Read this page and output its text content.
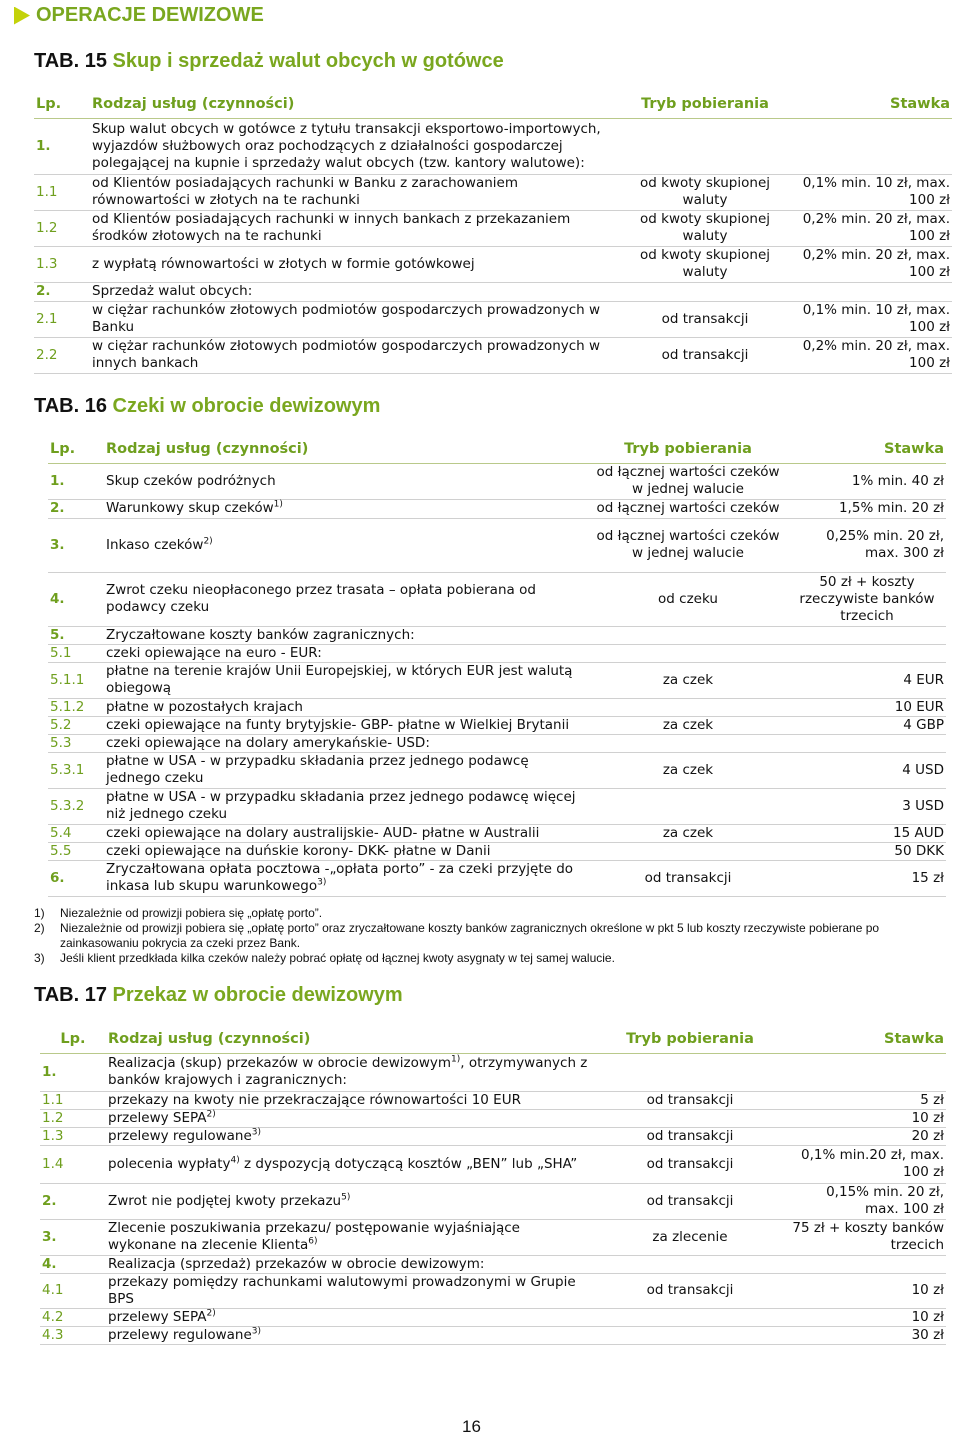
OPERACJE DEWIZOWE
TAB. 15 Skup i sprzedaż walut obcych w gotówce
Lp.	Rodzaj usług (czynności)	Tryb pobierania	Stawka
1.	Skup walut obcych w gotówce z tytułu transakcji eksportowo-importowych, wyjazdów służbowych oraz pochodzących z działalności gospodarczej polegającej na kupnie i sprzedaży walut obcych (tzw. kantory walutowe):		
1.1	od Klientów posiadających rachunki w Banku z zarachowaniem równowartości w złotych na te rachunki	od kwoty skupionej waluty	0,1% min. 10 zł, max. 100 zł
1.2	od Klientów posiadających rachunki w innych bankach z przekazaniem środków złotowych na te rachunki	od kwoty skupionej waluty	0,2% min. 20 zł, max. 100 zł
1.3	z wypłatą równowartości w złotych w formie gotówkowej	od kwoty skupionej waluty	0,2% min. 20 zł, max. 100 zł
2.	Sprzedaż walut obcych:		
2.1	w ciężar rachunków złotowych podmiotów gospodarczych prowadzonych w Banku	od transakcji	0,1% min. 10 zł, max. 100 zł
2.2	w ciężar rachunków złotowych podmiotów gospodarczych prowadzonych w innych bankach	od transakcji	0,2% min. 20 zł, max. 100 zł
TAB. 16 Czeki w obrocie dewizowym
Lp.	Rodzaj usług (czynności)	Tryb pobierania	Stawka
1.	Skup czeków podróżnych	od łącznej wartości czeków w jednej walucie	1% min. 40 zł
2.	Warunkowy skup czeków$^{1)}$	od łącznej wartości czeków	1,5% min. 20 zł
3.	Inkaso czeków$^{2)}$	od łącznej wartości czeków w jednej walucie	0,25% min. 20 zł, max. 300 zł
4.	Zwrot czeku nieopłaconego przez trasata – opłata pobierana od podawcy czeku	od czeku	50 zł + koszty rzeczywiste banków trzecich
5.	Zryczałtowane koszty banków zagranicznych:		
5.1	czeki opiewające na euro - EUR:		
5.1.1	płatne na terenie krajów Unii Europejskiej, w których EUR jest walutą obiegową	za czek	4 EUR
5.1.2	płatne w pozostałych krajach		10 EUR
5.2	czeki opiewające na funty brytyjskie- GBP- płatne w Wielkiej Brytanii	za czek	4 GBP
5.3	czeki opiewające na dolary amerykańskie- USD:		
5.3.1	płatne w USA - w przypadku składania przez jednego podawcę jednego czeku	za czek	4 USD
5.3.2	płatne w USA - w przypadku składania przez jednego podawcę więcej niż jednego czeku		3 USD
5.4	czeki opiewające na dolary australijskie- AUD- płatne w Australii	za czek	15 AUD
5.5	czeki opiewające na duńskie korony- DKK- płatne w Danii		50 DKK
6.	Zryczałtowana opłata pocztowa -„opłata porto” - za czeki przyjęte do inkasa lub skupu warunkowego$^{3)}$	od transakcji	15 zł
1)	Niezależnie od prowizji pobiera się „opłatę porto”.
2)	Niezależnie od prowizji pobiera się „opłatę porto” oraz zryczałtowane koszty banków zagranicznych określone w pkt 5 lub koszty rzeczywiste pobierane po zainkasowaniu pokrycia za czeki przez Bank.
3)	Jeśli klient przedkłada kilka czeków należy pobrać opłatę od łącznej kwoty asygnaty w tej samej walucie.
TAB. 17 Przekaz w obrocie dewizowym
Lp.	Rodzaj usług (czynności)	Tryb pobierania	Stawka
1.	Realizacja (skup) przekazów w obrocie dewizowym$^{1)}$, otrzymywanych z banków krajowych i zagranicznych:		
1.1	przekazy na kwoty nie przekraczające równowartości 10 EUR	od transakcji	5 zł
1.2	przelewy SEPA$^{2)}$		10 zł
1.3	przelewy regulowane$^{3)}$	od transakcji	20 zł
1.4	polecenia wypłaty$^{4)}$ z dyspozycją dotyczącą kosztów „BEN” lub „SHA”	od transakcji	0,1% min.20 zł, max. 100 zł
2.	Zwrot nie podjętej kwoty przekazu$^{5)}$	od transakcji	0,15% min. 20 zł, max. 100 zł
3.	Zlecenie poszukiwania przekazu/ postępowanie wyjaśniające wykonane na zlecenie Klienta$^{6)}$	za zlecenie	75 zł + koszty banków trzecich
4.	Realizacja (sprzedaż) przekazów w obrocie dewizowym:		
4.1	przekazy pomiędzy rachunkami walutowymi prowadzonymi w Grupie BPS	od transakcji	10 zł
4.2	przelewy SEPA$^{2)}$		10 zł
4.3	przelewy regulowane$^{3)}$		30 zł
16
